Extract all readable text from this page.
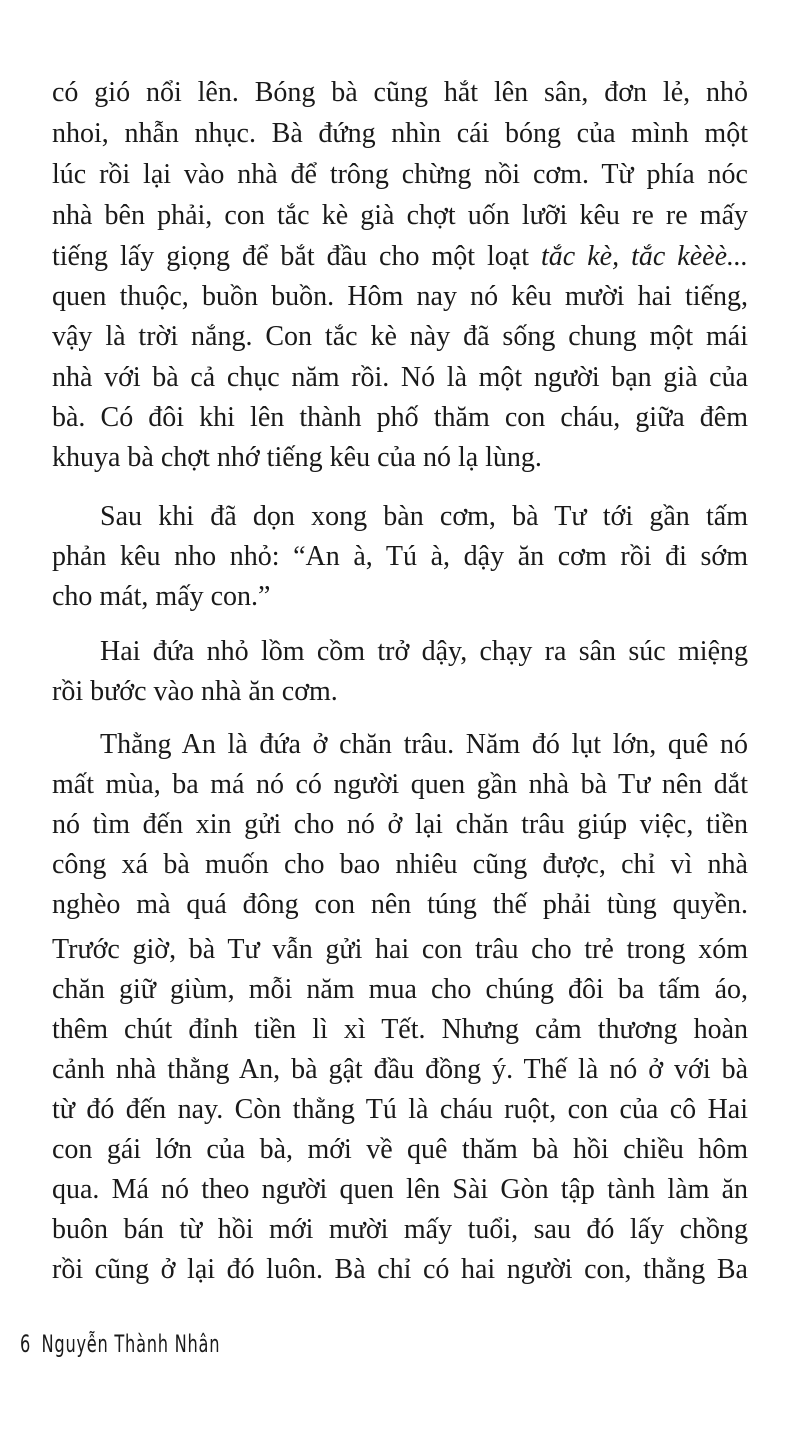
có gió nổi lên. Bóng bà cũng hắt lên sân, đơn lẻ, nhỏ
nhoi, nhẫn nhục. Bà đứng nhìn cái bóng của mình một
lúc rồi lại vào nhà để trông chừng nồi cơm. Từ phía nóc
nhà bên phải, con tắc kè già chợt uốn lưỡi kêu re re mấy
tiếng lấy giọng để bắt đầu cho một loạt tắc kè, tắc kèèè...
quen thuộc, buồn buồn. Hôm nay nó kêu mười hai tiếng,
vậy là trời nắng. Con tắc kè này đã sống chung một mái
nhà với bà cả chục năm rồi. Nó là một người bạn già của
bà. Có đôi khi lên thành phố thăm con cháu, giữa đêm
khuya bà chợt nhớ tiếng kêu của nó lạ lùng.
Sau khi đã dọn xong bàn cơm, bà Tư tới gần tấm
phản kêu nho nhỏ: “An à, Tú à, dậy ăn cơm rồi đi sớm
cho mát, mấy con.”
Hai đứa nhỏ lồm cồm trở dậy, chạy ra sân súc miệng
rồi bước vào nhà ăn cơm.
Thằng An là đứa ở chăn trâu. Năm đó lụt lớn, quê nó
mất mùa, ba má nó có người quen gần nhà bà Tư nên dắt
nó tìm đến xin gửi cho nó ở lại chăn trâu giúp việc, tiền
công xá bà muốn cho bao nhiêu cũng được, chỉ vì nhà
nghèo mà quá đông con nên túng thế phải tùng quyền.
Trước giờ, bà Tư vẫn gửi hai con trâu cho trẻ trong xóm
chăn giữ giùm, mỗi năm mua cho chúng đôi ba tấm áo,
thêm chút đỉnh tiền lì xì Tết. Nhưng cảm thương hoàn
cảnh nhà thằng An, bà gật đầu đồng ý. Thế là nó ở với bà
từ đó đến nay. Còn thằng Tú là cháu ruột, con của cô Hai
con gái lớn của bà, mới về quê thăm bà hồi chiều hôm
qua. Má nó theo người quen lên Sài Gòn tập tành làm ăn
buôn bán từ hồi mới mười mấy tuổi, sau đó lấy chồng
rồi cũng ở lại đó luôn. Bà chỉ có hai người con, thằng Ba
6 Nguyễn Thành Nhân
